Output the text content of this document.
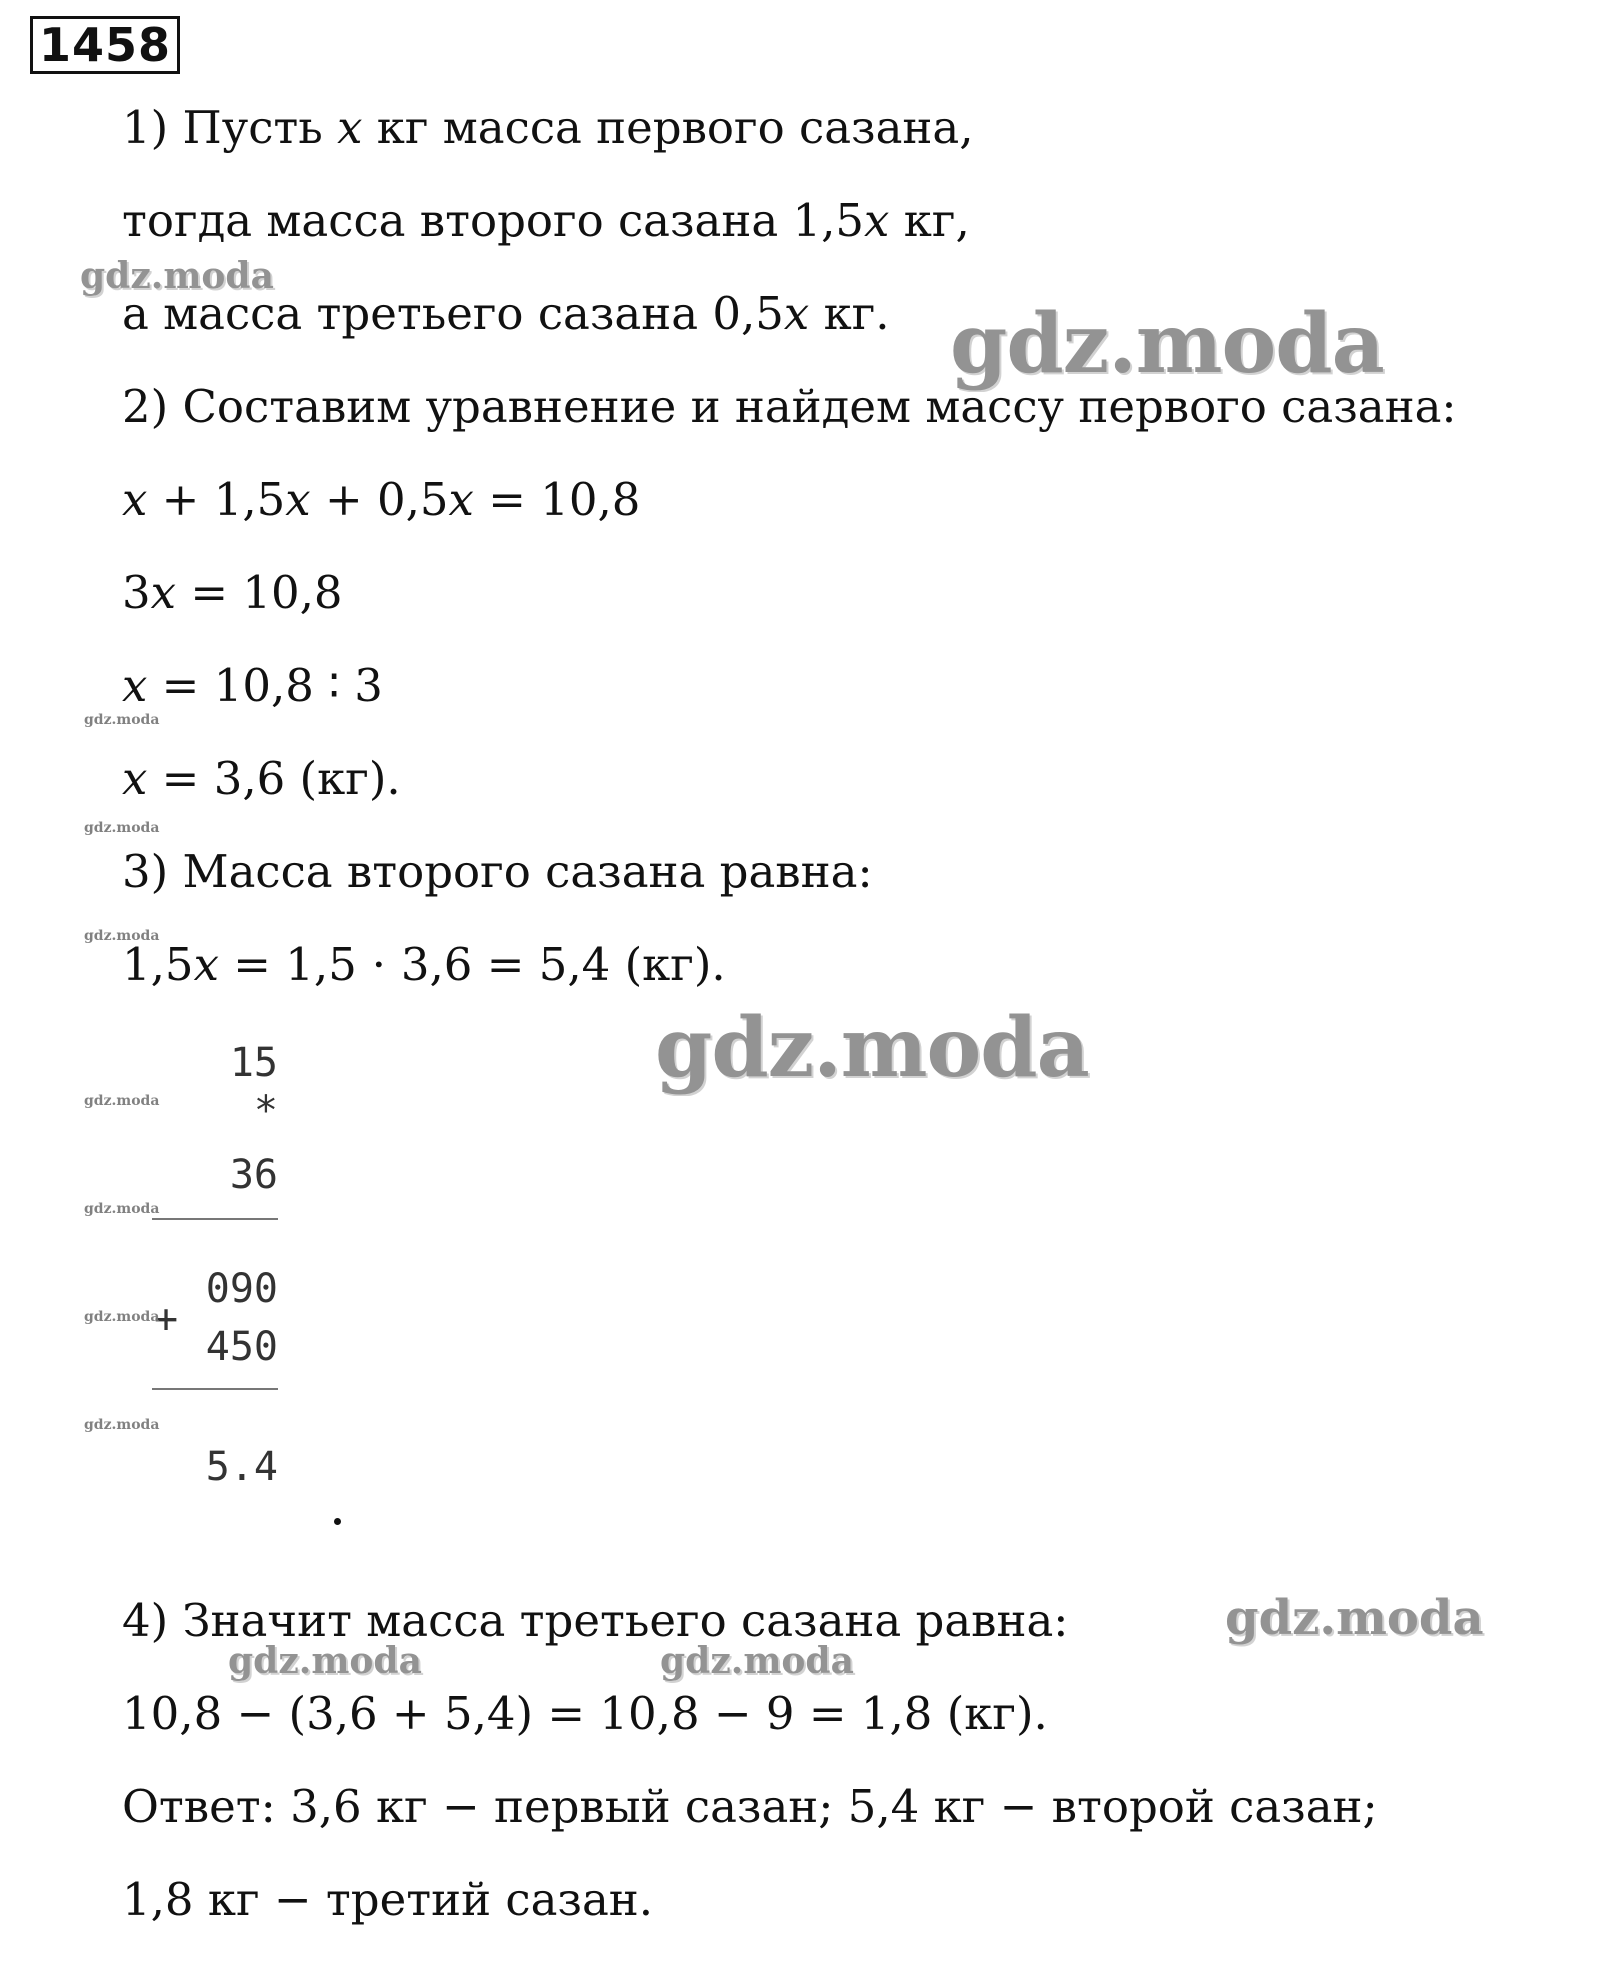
1458
1) Пусть 𝑥 кг масса первого сазана,
тогда масса второго сазана 1,5𝑥 кг,
а масса третьего сазана 0,5𝑥 кг.
2) Составим уравнение и найдем массу первого сазана:
𝑥 + 1,5𝑥 + 0,5𝑥 = 10,8
3𝑥 = 10,8
𝑥 = 10,8 ∶ 3
𝑥 = 3,6 (кг).
3) Масса второго сазана равна:
1,5𝑥 = 1,5 ⋅ 3,6 = 5,4 (кг).
15
*
36
090
+
450
5.4
4) Значит масса третьего сазана равна:
10,8 − (3,6 + 5,4) = 10,8 − 9 = 1,8 (кг).
Ответ: 3,6 кг − первый сазан; 5,4 кг − второй сазан;
1,8 кг − третий сазан.
gdz.moda
gdz.moda
gdz.moda
gdz.moda
gdz.moda	gdz.moda
gdz.moda
gdz.moda
gdz.moda
gdz.moda
gdz.moda
gdz.moda
gdz.moda
